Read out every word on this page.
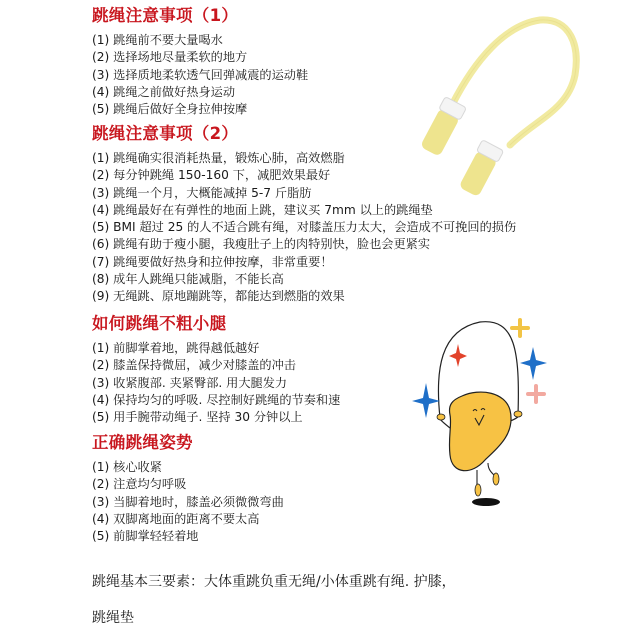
跳绳注意事项（1）

(1) 跳绳前不要大量喝水

(2) 选择场地尽量柔软的地方

(3) 选择质地柔软透气回弹减震的运动鞋

(4) 跳绳之前做好热身运动

(5) 跳绳后做好全身拉伸按摩

跳绳注意事项（2）

(1) 跳绳确实很消耗热量，锻炼心肺，高效燃脂

(2) 每分钟跳绳 150-160 下，减肥效果最好

(3) 跳绳一个月，大概能减掉 5-7 斤脂肪

(4) 跳绳最好在有弹性的地面上跳，建议买 7mm 以上的跳绳垫

(5) BMI 超过 25 的人不适合跳有绳，对膝盖压力太大，会造成不可挽回的损伤

(6) 跳绳有助于瘦小腿，我瘦肚子上的肉特别快，脸也会更紧实

(7) 跳绳要做好热身和拉伸按摩，非常重要！

(8) 成年人跳绳只能减脂，不能长高

(9) 无绳跳、原地蹦跳等，都能达到燃脂的效果

如何跳绳不粗小腿

(1) 前脚掌着地，跳得越低越好

(2) 膝盖保持微屈，减少对膝盖的冲击

(3) 收紧腹部. 夹紧臀部. 用大腿发力

(4) 保持均匀的呼吸. 尽控制好跳绳的节奏和速

(5) 用手腕带动绳子. 坚持 30 分钟以上

正确跳绳姿势

(1) 核心收紧

(2) 注意均匀呼吸

(3) 当脚着地时，膝盖必须微微弯曲

(4) 双脚离地面的距离不要太高

(5) 前脚掌轻轻着地

跳绳基本三要素：大体重跳负重无绳/小体重跳有绳. 护膝，
跳绳垫
